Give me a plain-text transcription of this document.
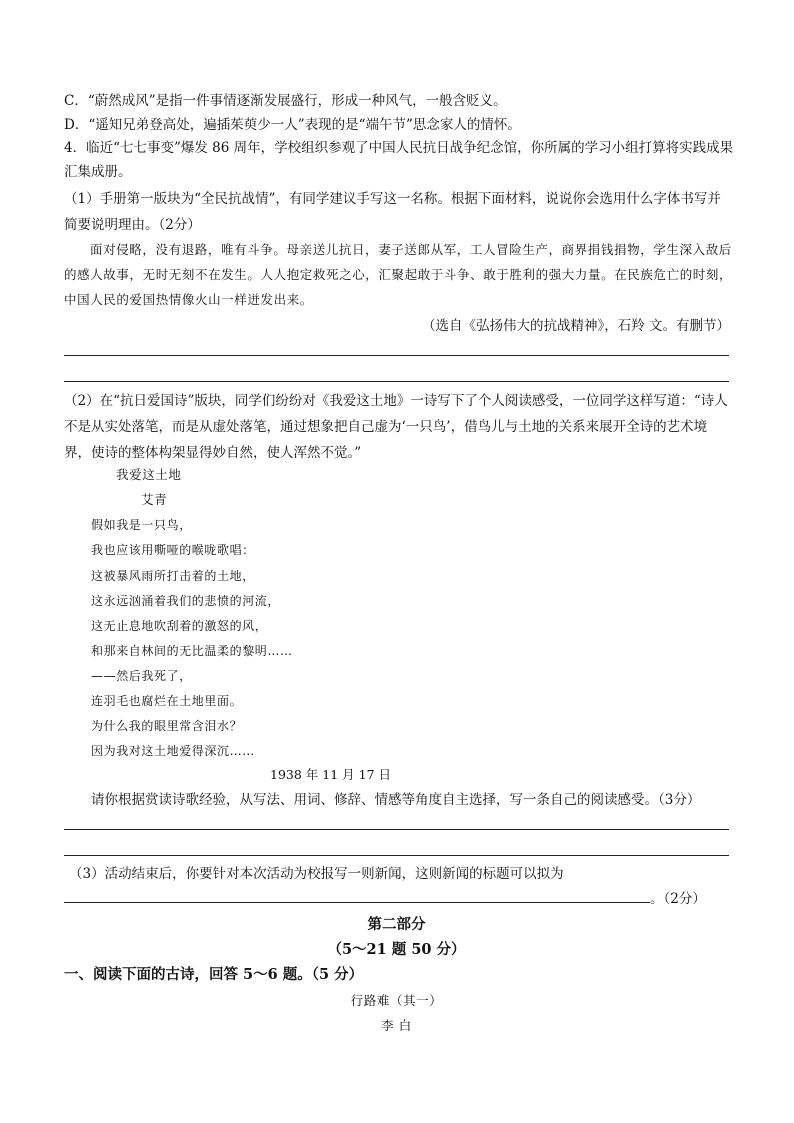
C．“蔚然成风”是指一件事情逐渐发展盛行，形成一种风气，一般含贬义。
D．“遥知兄弟登高处，遍插茱萸少一人”表现的是“端午节”思念家人的情怀。
4．临近“七七事变”爆发 86 周年，学校组织参观了中国人民抗日战争纪念馆，你所属的学习小组打算将实践成果汇集成册。
（1）手册第一版块为“全民抗战情”，有同学建议手写这一名称。根据下面材料，说说你会选用什么字体书写并简要说明理由。（2分）
面对侵略，没有退路，唯有斗争。母亲送儿抗日，妻子送郎从军，工人冒险生产，商界捐钱捐物，学生深入敌后的感人故事，无时无刻不在发生。人人抱定救死之心，汇聚起敢于斗争、敢于胜利的强大力量。在民族危亡的时刻，中国人民的爱国热情像火山一样迸发出来。
（选自《弘扬伟大的抗战精神》，石羚 文。有删节）
（2）在“抗日爱国诗”版块，同学们纷纷对《我爱这土地》一诗写下了个人阅读感受，一位同学这样写道：“诗人不是从实处落笔，而是从虚处落笔，通过想象把自己虚为‘一只鸟’，借鸟儿与土地的关系来展开全诗的艺术境界，使诗的整体构架显得妙自然，使人浑然不觉。”
我爱这土地
艾青
假如我是一只鸟，
我也应该用嘶哑的喉咙歌唱：
这被暴风雨所打击着的土地，
这永远汹涌着我们的悲愤的河流，
这无止息地吹刮着的激怒的风，
和那来自林间的无比温柔的黎明……
——然后我死了，
连羽毛也腐烂在土地里面。
为什么我的眼里常含泪水？
因为我对这土地爱得深沉……
1938 年 11 月 17 日
请你根据赏读诗歌经验，从写法、用词、修辞、情感等角度自主选择，写一条自己的阅读感受。（3分）
（3）活动结束后，你要针对本次活动为校报写一则新闻，这则新闻的标题可以拟为
。（2分）
第二部分
（5～21 题 50 分）
一、阅读下面的古诗，回答 5～6 题。（5 分）
行路难（其一）
李 白
